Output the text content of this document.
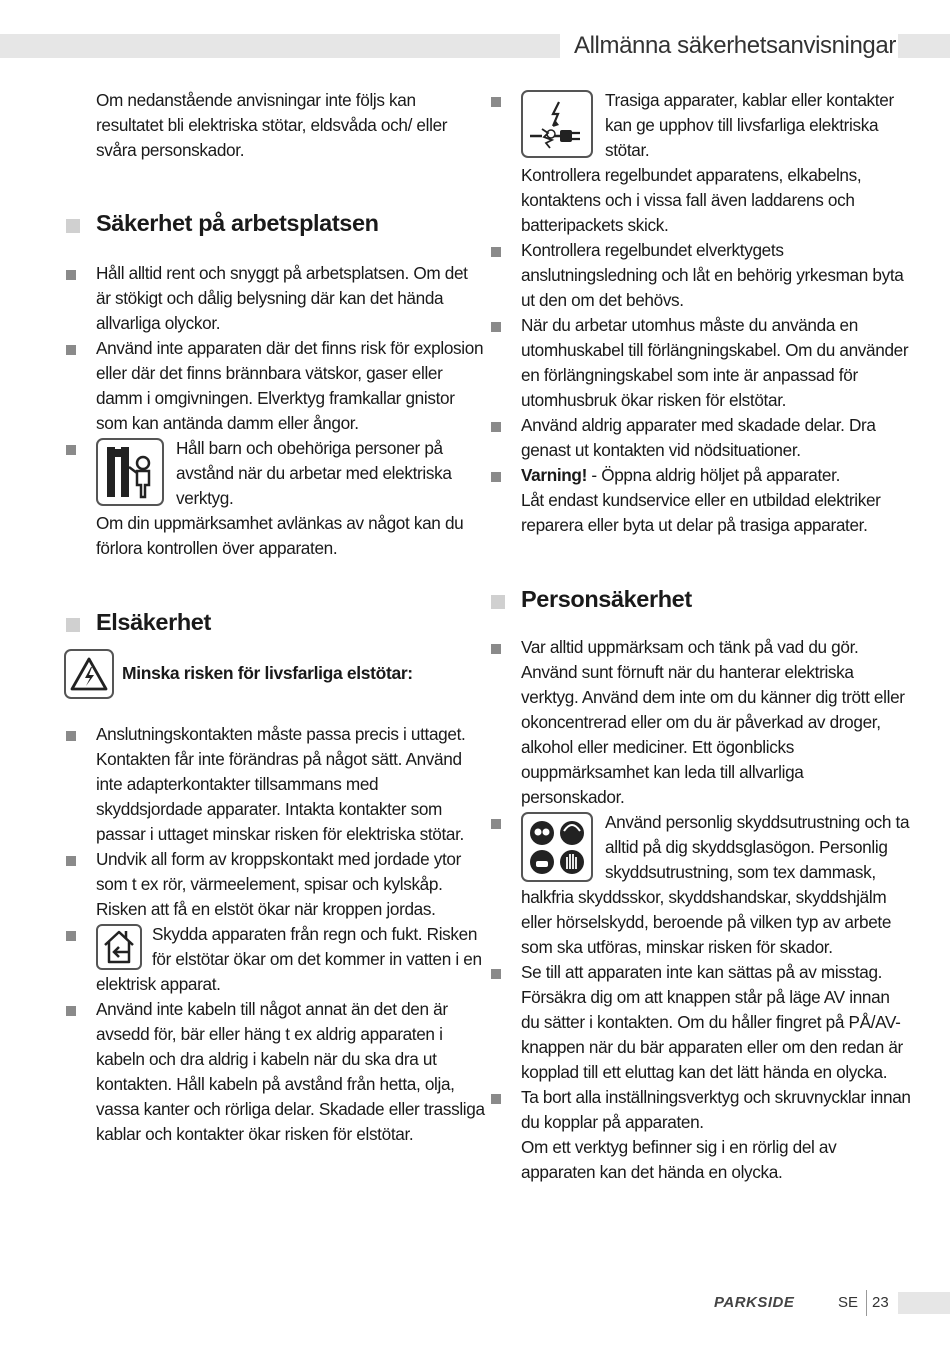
Allmänna säkerhetsanvisningar

Om nedanstående anvisningar inte följs kan resultatet bli elektriska stötar, eldsvåda och/ eller svåra personskador.

Säkerhet på arbetsplatsen

Håll alltid rent och snyggt på arbetsplatsen. Om det är stökigt och dålig belysning där kan det hända allvarliga olyckor.

Använd inte apparaten där det finns risk för explosion eller där det finns brännbara vätskor, gaser eller damm i omgivningen. Elverktyg framkallar gnistor som kan antända damm eller ångor.

Håll barn och obehöriga personer på avstånd när du arbetar med elektriska verktyg.

Om din uppmärksamhet avlänkas av något kan du förlora kontrollen över apparaten.

Elsäkerhet
Minska risken för livsfarliga elstötar:

Anslutningskontakten måste passa precis i uttaget. Kontakten får inte förändras på något sätt. Använd inte adapterkontakter tillsammans med skyddsjordade apparater. Intakta kontakter som passar i uttaget minskar risken för elektriska stötar.

Undvik all form av kroppskontakt med jordade ytor som t ex rör, värmeelement, spisar och kylskåp. Risken att få en elstöt ökar när kroppen jordas.

Skydda apparaten från regn och fukt. Risken för elstötar ökar om det kommer in vatten i en elektrisk apparat.

Använd inte kabeln till något annat än det den är avsedd för, bär eller häng t ex aldrig apparaten i kabeln och dra aldrig i kabeln när du ska dra ut kontakten. Håll kabeln på avstånd från hetta, olja, vassa kanter och rörliga delar. Skadade eller trassliga kablar och kontakter ökar risken för elstötar.

Trasiga apparater, kablar eller kontakter kan ge upphov till livsfarliga elektriska stötar.

Kontrollera regelbundet apparatens, elkabelns, kontaktens och i vissa fall även laddarens och batteripackets skick.

Kontrollera regelbundet elverktygets anslutningsledning och låt en behörig yrkesman byta ut den om det behövs.

När du arbetar utomhus måste du använda en utomhuskabel till förlängningskabel. Om du använder en förlängningskabel som inte är anpassad för utomhusbruk ökar risken för elstötar.

Använd aldrig apparater med skadade delar. Dra genast ut kontakten vid nödsituationer.

Varning! - Öppna aldrig höljet på apparater.

Låt endast kundservice eller en utbildad elektriker reparera eller byta ut delar på trasiga apparater.

Personsäkerhet

Var alltid uppmärksam och tänk på vad du gör. Använd sunt förnuft när du hanterar elektriska verktyg. Använd dem inte om du känner dig trött eller okoncentrerad eller om du är påverkad av droger, alkohol eller mediciner. Ett ögonblicks ouppmärksamhet kan leda till allvarliga personskador.

Använd personlig skyddsutrustning och ta alltid på dig skyddsglasögon. Personlig skyddsutrustning, som tex dammask, halkfria skyddsskor, skyddshandskar, skyddshjälm eller hörselskydd, beroende på vilken typ av arbete som ska utföras, minskar risken för skador.

Se till att apparaten inte kan sättas på av misstag. Försäkra dig om att knappen står på läge AV innan du sätter i kontakten. Om du håller fingret på PÅ/AV-knappen när du bär apparaten eller om den redan är kopplad till ett eluttag kan det lätt hända en olycka.

Ta bort alla inställningsverktyg och skruvnycklar innan du kopplar på apparaten.

Om ett verktyg befinner sig i en rörlig del av apparaten kan det hända en olycka.

PARKSIDE	SE 23
